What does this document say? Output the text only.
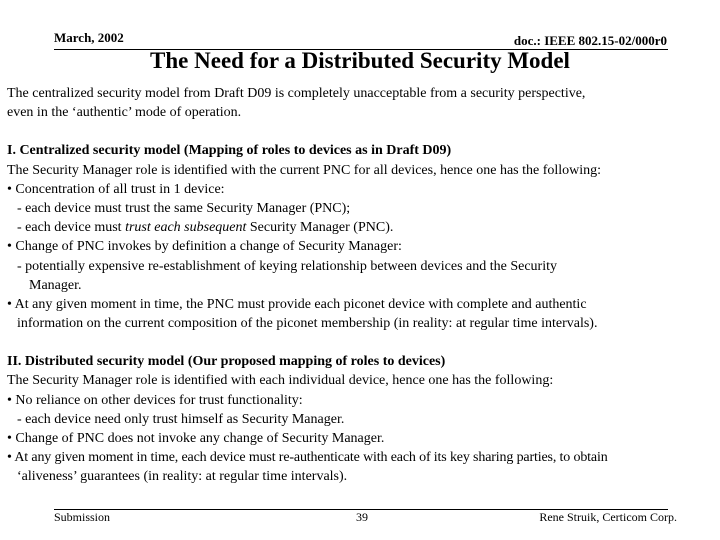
March, 2002	doc.: IEEE 802.15-02/000r0
The Need for a Distributed Security Model
The centralized security model from Draft D09 is completely unacceptable from a security perspective,
even in the ‘authentic’ mode of operation.
I. Centralized security model (Mapping of roles to devices as in Draft D09)
The Security Manager role is identified with the current PNC for all devices, hence one has the following:
• Concentration of all trust in 1 device:
- each device must trust the same Security Manager (PNC);
- each device must trust each subsequent Security Manager (PNC).
• Change of PNC invokes by definition a change of Security Manager:
- potentially expensive re-establishment of keying relationship between devices and the Security
Manager.
• At any given moment in time, the PNC must provide each piconet device with complete and authentic
information on the current composition of the piconet membership (in reality: at regular time intervals).
II. Distributed security model (Our proposed mapping of roles to devices)
The Security Manager role is identified with each individual device, hence one has the following:
• No reliance on other devices for trust functionality:
- each device need only trust himself as Security Manager.
• Change of PNC does not invoke any change of Security Manager.
• At any given moment in time, each device must re-authenticate with each of its key sharing parties, to obtain
‘aliveness’ guarantees (in reality: at regular time intervals).
Submission	39	Rene Struik, Certicom Corp.
